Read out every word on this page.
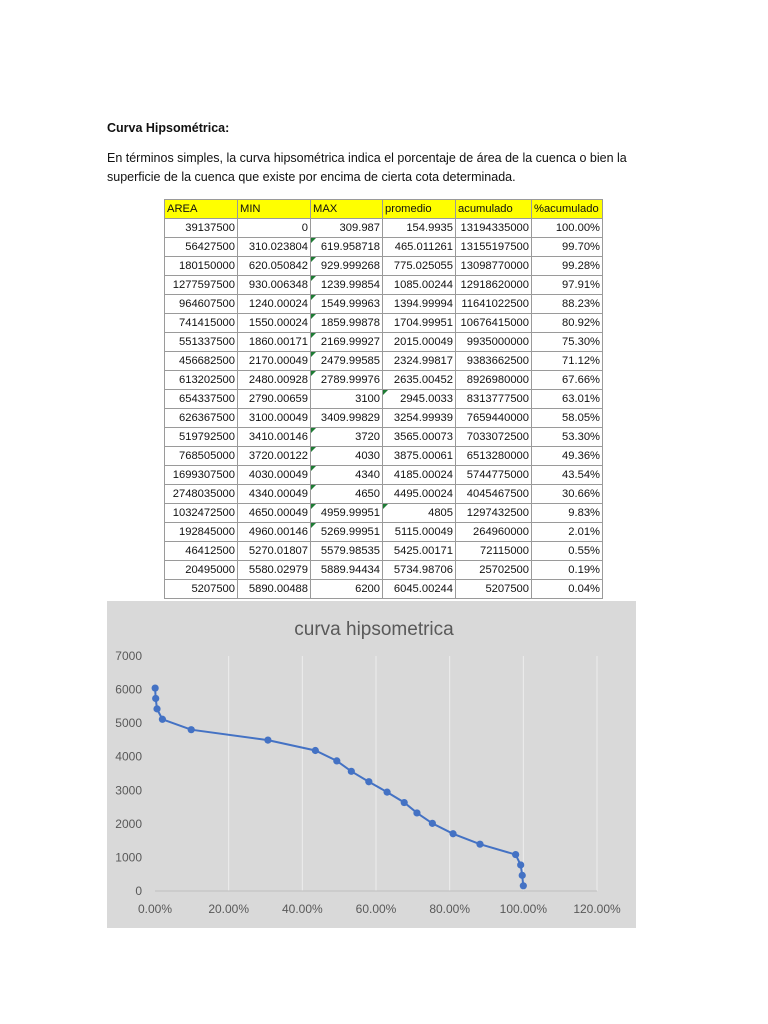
Curva Hipsométrica:
En términos simples, la curva hipsométrica indica el porcentaje de área de la cuenca o bien la superficie de la cuenca que existe por encima de cierta cota determinada.
AREA	MIN	MAX	promedio	acumulado	%acumulado
39137500	0	309.987	154.9935	13194335000	100.00%
56427500	310.023804	619.958718	465.011261	13155197500	99.70%
180150000	620.050842	929.999268	775.025055	13098770000	99.28%
1277597500	930.006348	1239.99854	1085.00244	12918620000	97.91%
964607500	1240.00024	1549.99963	1394.99994	11641022500	88.23%
741415000	1550.00024	1859.99878	1704.99951	10676415000	80.92%
551337500	1860.00171	2169.99927	2015.00049	9935000000	75.30%
456682500	2170.00049	2479.99585	2324.99817	9383662500	71.12%
613202500	2480.00928	2789.99976	2635.00452	8926980000	67.66%
654337500	2790.00659	3100	2945.0033	8313777500	63.01%
626367500	3100.00049	3409.99829	3254.99939	7659440000	58.05%
519792500	3410.00146	3720	3565.00073	7033072500	53.30%
768505000	3720.00122	4030	3875.00061	6513280000	49.36%
1699307500	4030.00049	4340	4185.00024	5744775000	43.54%
2748035000	4340.00049	4650	4495.00024	4045467500	30.66%
1032472500	4650.00049	4959.99951	4805	1297432500	9.83%
192845000	4960.00146	5269.99951	5115.00049	264960000	2.01%
46412500	5270.01807	5579.98535	5425.00171	72115000	0.55%
20495000	5580.02979	5889.94434	5734.98706	25702500	0.19%
5207500	5890.00488	6200	6045.00244	5207500	0.04%
curva hipsometrica
0.00%	20.00%	40.00%	60.00%	80.00% 100.00% 120.00%
0
1000
2000
3000
4000
5000
6000
7000
